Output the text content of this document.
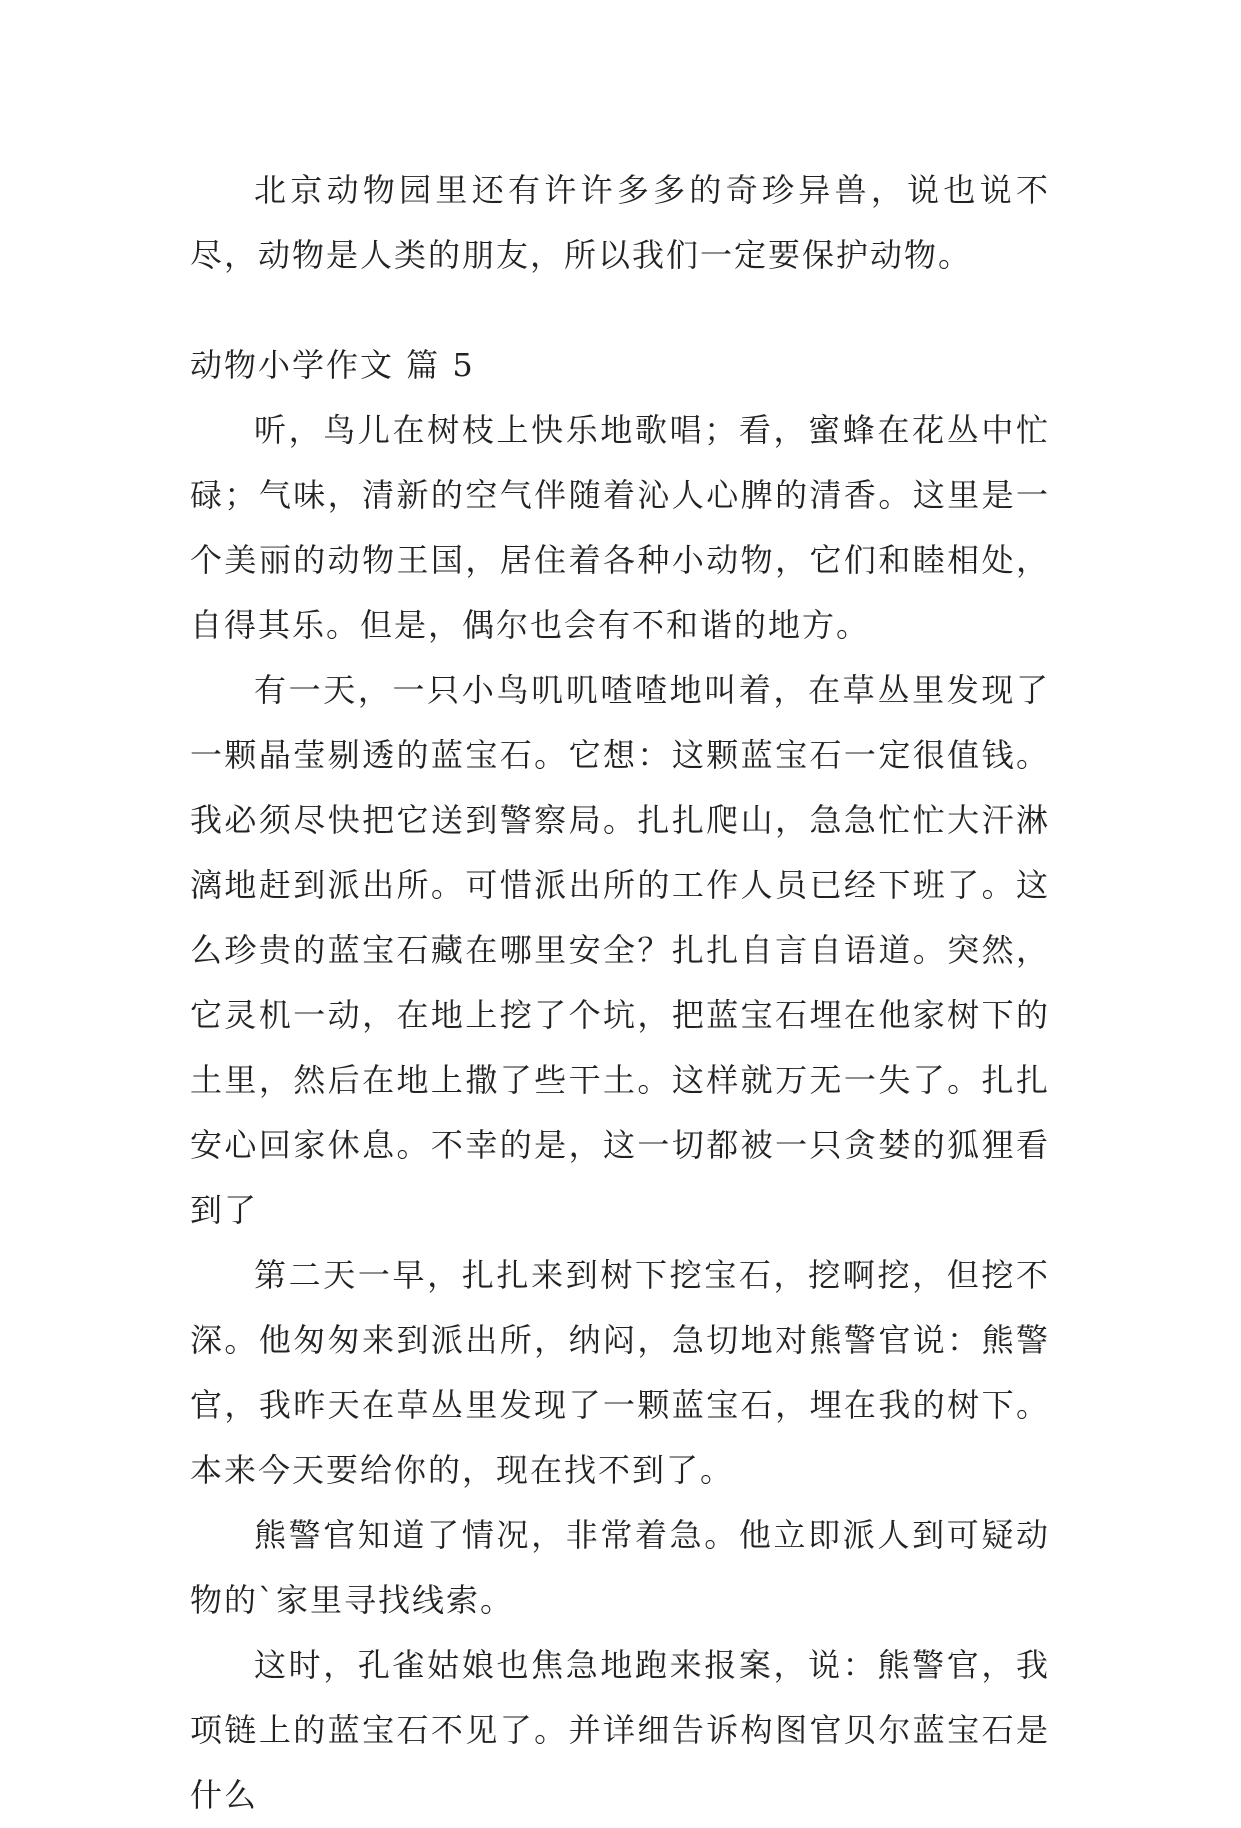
北京动物园里还有许许多多的奇珍异兽，说也说不尽，动物是人类的朋友，所以我们一定要保护动物。

动物小学作文 篇 5

听，鸟儿在树枝上快乐地歌唱；看，蜜蜂在花丛中忙碌；气味，清新的空气伴随着沁人心脾的清香。这里是一个美丽的动物王国，居住着各种小动物，它们和睦相处，自得其乐。但是，偶尔也会有不和谐的地方。

有一天，一只小鸟叽叽喳喳地叫着，在草丛里发现了一颗晶莹剔透的蓝宝石。它想：这颗蓝宝石一定很值钱。我必须尽快把它送到警察局。扎扎爬山，急急忙忙大汗淋漓地赶到派出所。可惜派出所的工作人员已经下班了。这么珍贵的蓝宝石藏在哪里安全？扎扎自言自语道。突然，它灵机一动，在地上挖了个坑，把蓝宝石埋在他家树下的土里，然后在地上撒了些干土。这样就万无一失了。扎扎安心回家休息。不幸的是，这一切都被一只贪婪的狐狸看到了

第二天一早，扎扎来到树下挖宝石，挖啊挖，但挖不深。他匆匆来到派出所，纳闷，急切地对熊警官说：熊警官，我昨天在草丛里发现了一颗蓝宝石，埋在我的树下。本来今天要给你的，现在找不到了。

熊警官知道了情况，非常着急。他立即派人到可疑动物的`家里寻找线索。

这时，孔雀姑娘也焦急地跑来报案，说：熊警官，我项链上的蓝宝石不见了。并详细告诉构图官贝尔蓝宝石是什么
